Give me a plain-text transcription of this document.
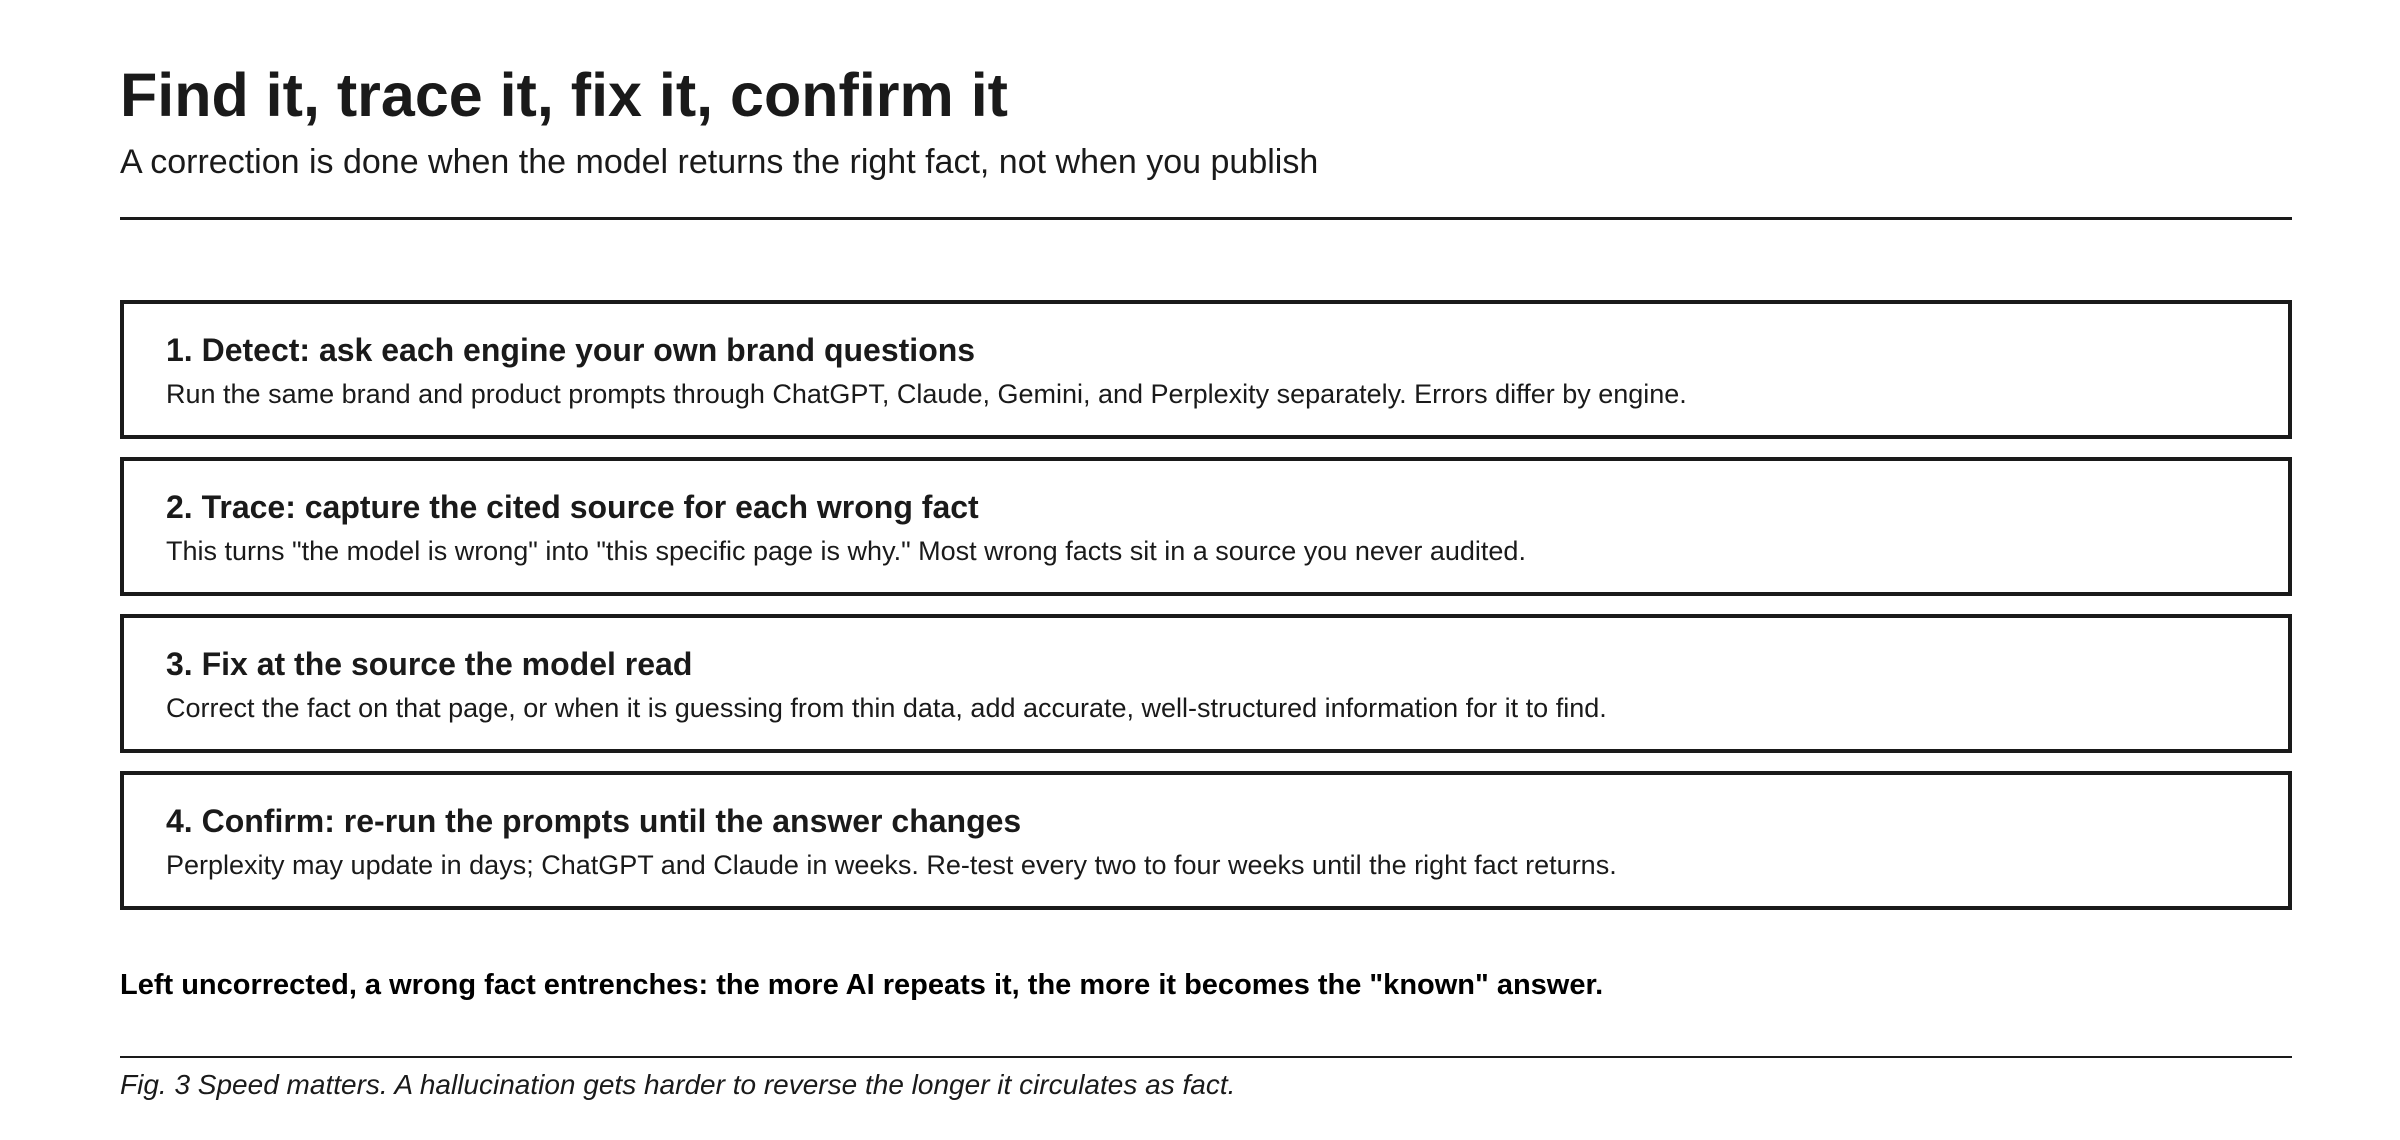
Find it, trace it, fix it, confirm it
A correction is done when the model returns the right fact, not when you publish

1. Detect: ask each engine your own brand questions

Run the same brand and product prompts through ChatGPT, Claude, Gemini, and Perplexity separately. Errors differ by engine.

2. Trace: capture the cited source for each wrong fact

This turns "the model is wrong" into "this specific page is why." Most wrong facts sit in a source you never audited.

3. Fix at the source the model read

Correct the fact on that page, or when it is guessing from thin data, add accurate, well-structured information for it to find.

4. Confirm: re-run the prompts until the answer changes

Perplexity may update in days; ChatGPT and Claude in weeks. Re-test every two to four weeks until the right fact returns.

Left uncorrected, a wrong fact entrenches: the more AI repeats it, the more it becomes the "known" answer.

Fig. 3 Speed matters. A hallucination gets harder to reverse the longer it circulates as fact.
